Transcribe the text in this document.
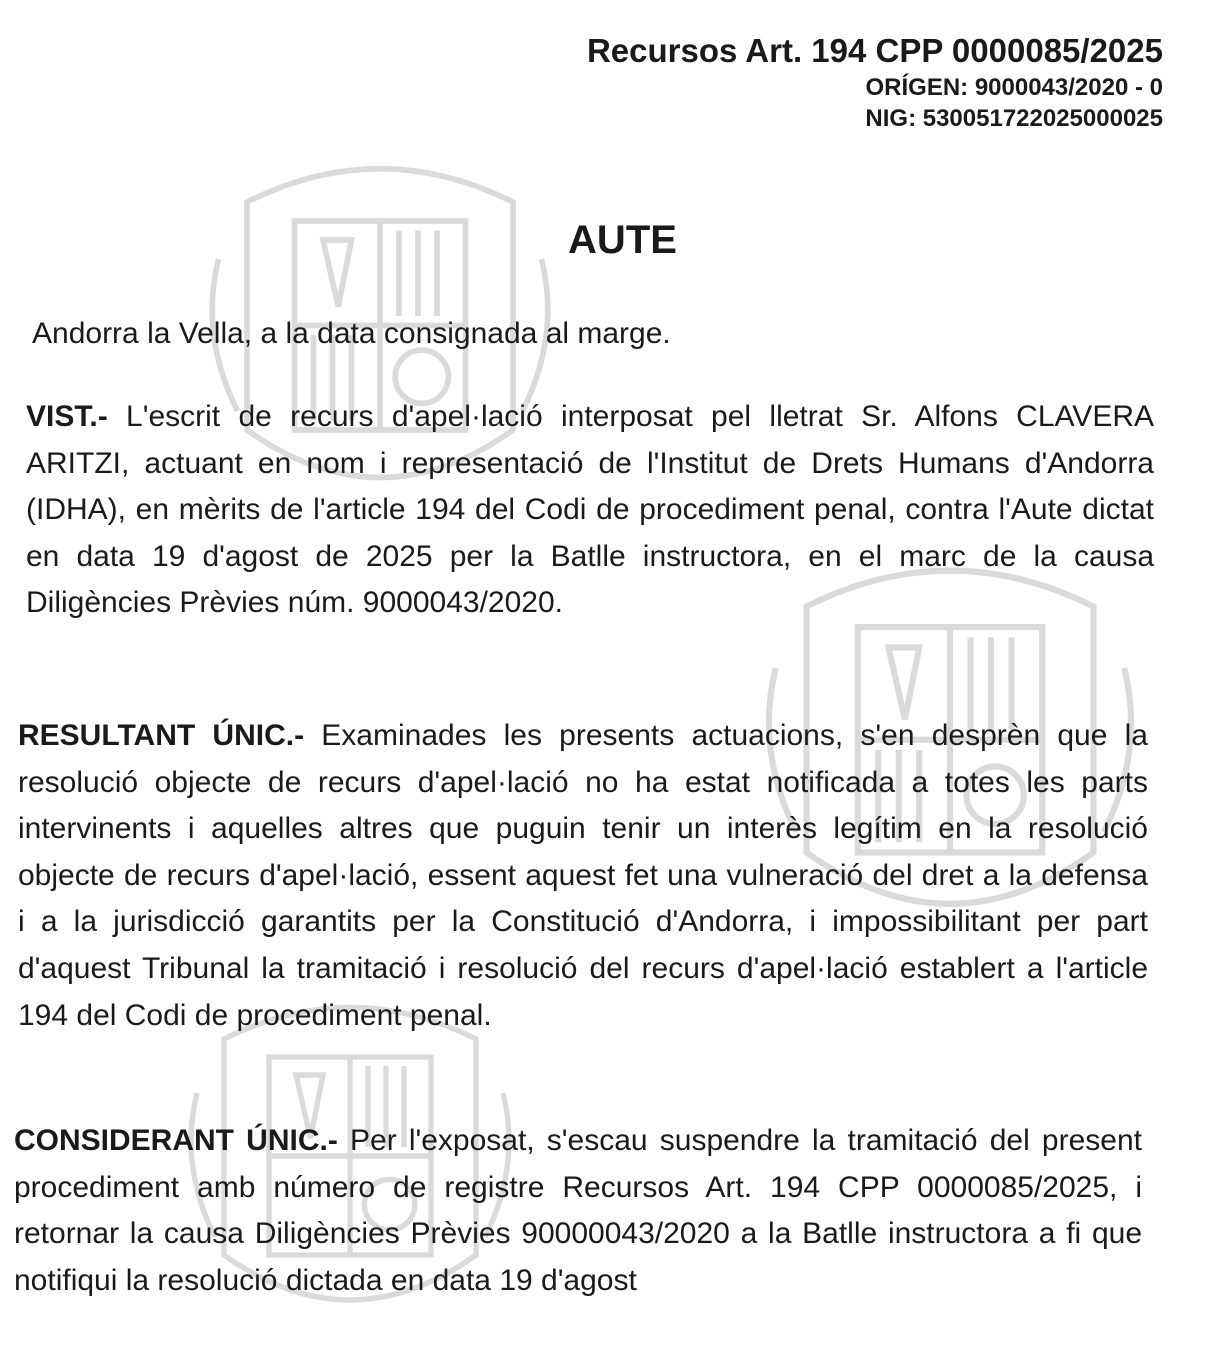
Recursos Art. 194 CPP 0000085/2025
ORÍGEN: 9000043/2020 - 0
NIG: 530051722025000025
AUTE
Andorra la Vella, a la data consignada al marge.
VIST.- L'escrit de recurs d'apel·lació interposat pel lletrat Sr. Alfons CLAVERA ARITZI, actuant en nom i representació de l'Institut de Drets Humans d'Andorra (IDHA), en mèrits de l'article 194 del Codi de procediment penal, contra l'Aute dictat en data 19 d'agost de 2025 per la Batlle instructora, en el marc de la causa Diligències Prèvies núm. 9000043/2020.
RESULTANT ÚNIC.- Examinades les presents actuacions, s'en desprèn que la resolució objecte de recurs d'apel·lació no ha estat notificada a totes les parts intervinents i aquelles altres que puguin tenir un interès legítim en la resolució objecte de recurs d'apel·lació, essent aquest fet una vulneració del dret a la defensa i a la jurisdicció garantits per la Constitució d'Andorra, i impossibilitant per part d'aquest Tribunal la tramitació i resolució del recurs d'apel·lació establert a l'article 194 del Codi de procediment penal.
CONSIDERANT ÚNIC.- Per l'exposat, s'escau suspendre la tramitació del present procediment amb número de registre Recursos Art. 194 CPP 0000085/2025, i retornar la causa Diligències Prèvies 90000043/2020 a la Batlle instructora a fi que notifiqui la resolució dictada en data 19 d'agost
